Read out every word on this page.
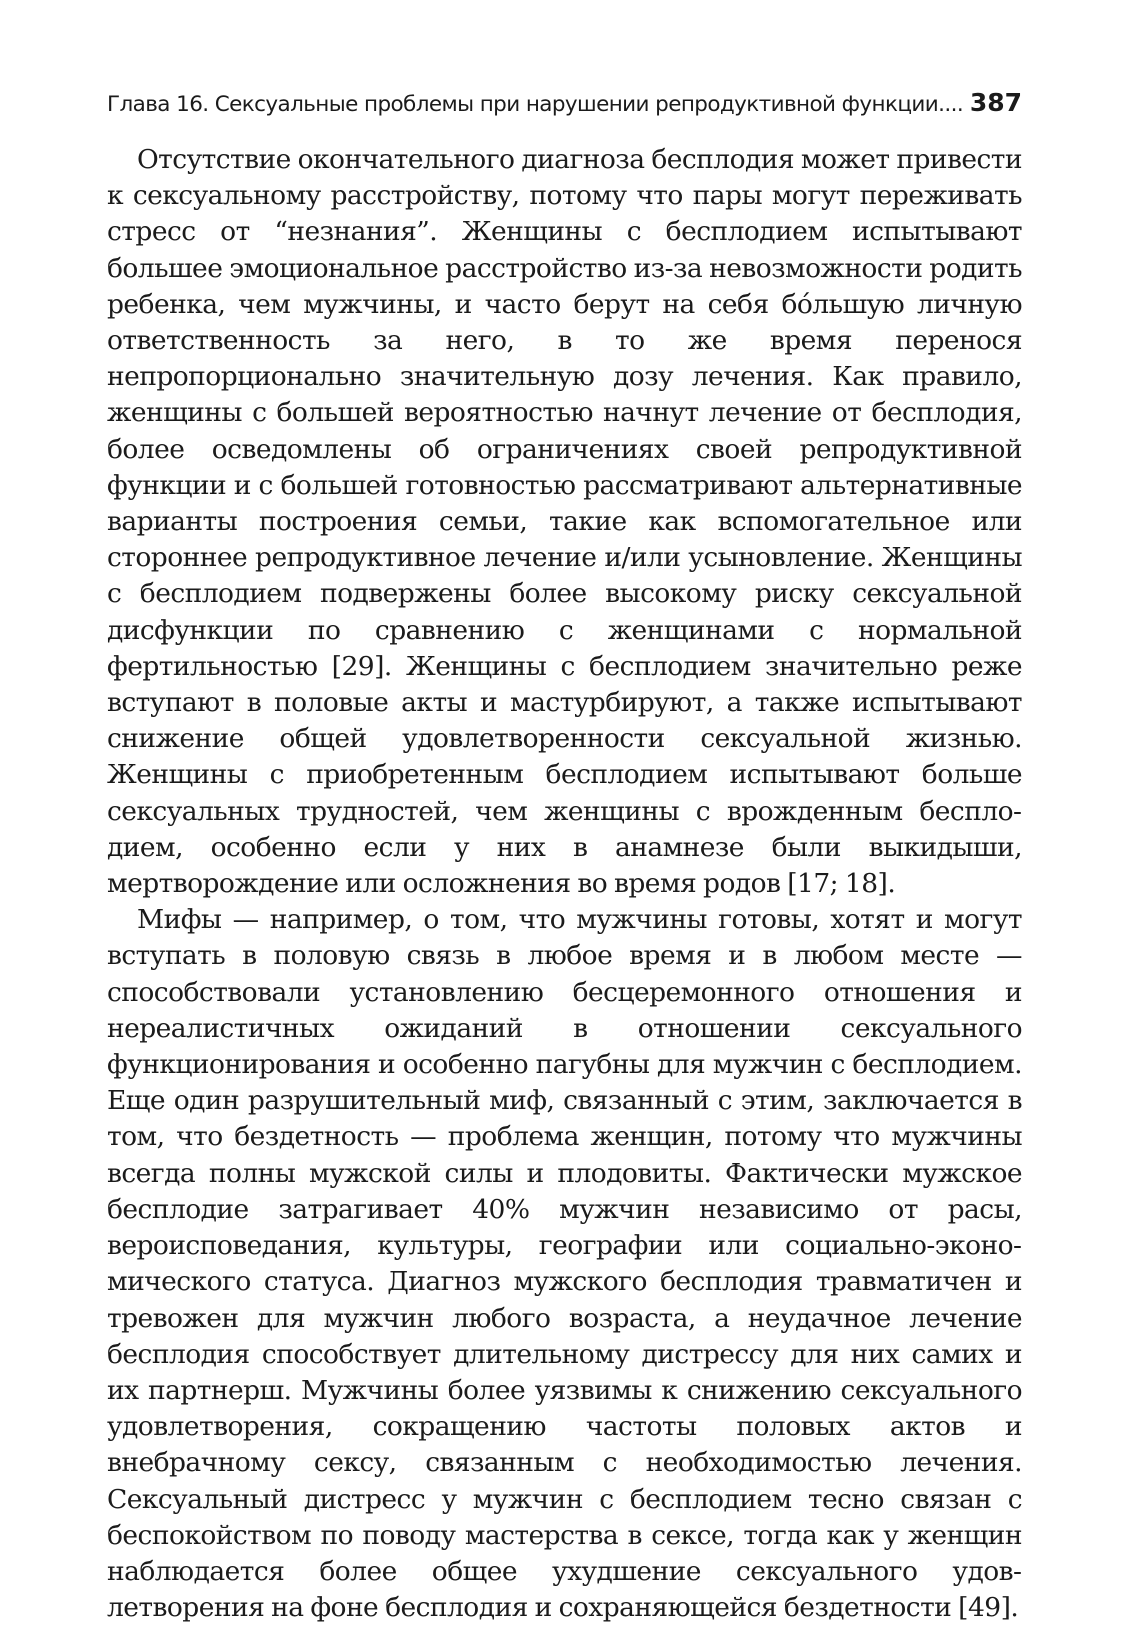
Глава 16. Сексуальные проблемы при нарушении репродуктивной функции.... 387

Отсутствие окончательного диагноза бесплодия может привести к сексуальному расстройству, потому что пары могут переживать стресс от “незнания”. Женщины с бесплодием испытывают большее эмоциональное расстройство из-за невозможности родить ребенка, чем мужчины, и часто берут на себя бóльшую личную ответственность за него, в то же время перенося непропорционально значительную дозу лечения. Как правило, женщины с большей вероятностью начнут лечение от бесплодия, более осведомлены об ограничениях своей репродуктивной функции и с большей готовностью рассматривают альтернативные варианты построения семьи, такие как вспомогательное или стороннее репродуктивное лечение и/или усыновление. Женщины с бесплодием подвержены более высокому риску сексуальной дисфункции по сравнению с женщинами с нормальной фертильностью [29]. Женщины с бесплодием значительно реже вступают в половые акты и мастурбируют, а также испытывают снижение общей удовлетворенности сексуальной жизнью. Женщины с приобретенным бесплодием испытывают больше сексуальных трудностей, чем женщины с врожденным бесплодием, особенно если у них в анамнезе были выкидыши, мертворождение или осложнения во время родов [17; 18].

Мифы — например, о том, что мужчины готовы, хотят и могут вступать в половую связь в любое время и в любом месте — способствовали установлению бесцеремонного отношения и нереалистичных ожиданий в отношении сексуального функционирования и особенно пагубны для мужчин с бесплодием. Еще один разрушительный миф, связанный с этим, заключается в том, что бездетность — проблема женщин, потому что мужчины всегда полны мужской силы и плодовиты. Фактически мужское бесплодие затрагивает 40% мужчин независимо от расы, вероисповедания, культуры, географии или социально-экономического статуса. Диагноз мужского бесплодия травматичен и тревожен для мужчин любого возраста, а неудачное лечение бесплодия способствует длительному дистрессу для них самих и их партнерш. Мужчины более уязвимы к снижению сексуального удовлетворения, сокращению частоты половых актов и внебрачному сексу, связанным с необходимостью лечения. Сексуальный дистресс у мужчин с бесплодием тесно связан с беспокойством по поводу мастерства в сексе, тогда как у женщин наблюдается более общее ухудшение сексуального удовлетворения на фоне бесплодия и сохраняющейся бездетности [49].
